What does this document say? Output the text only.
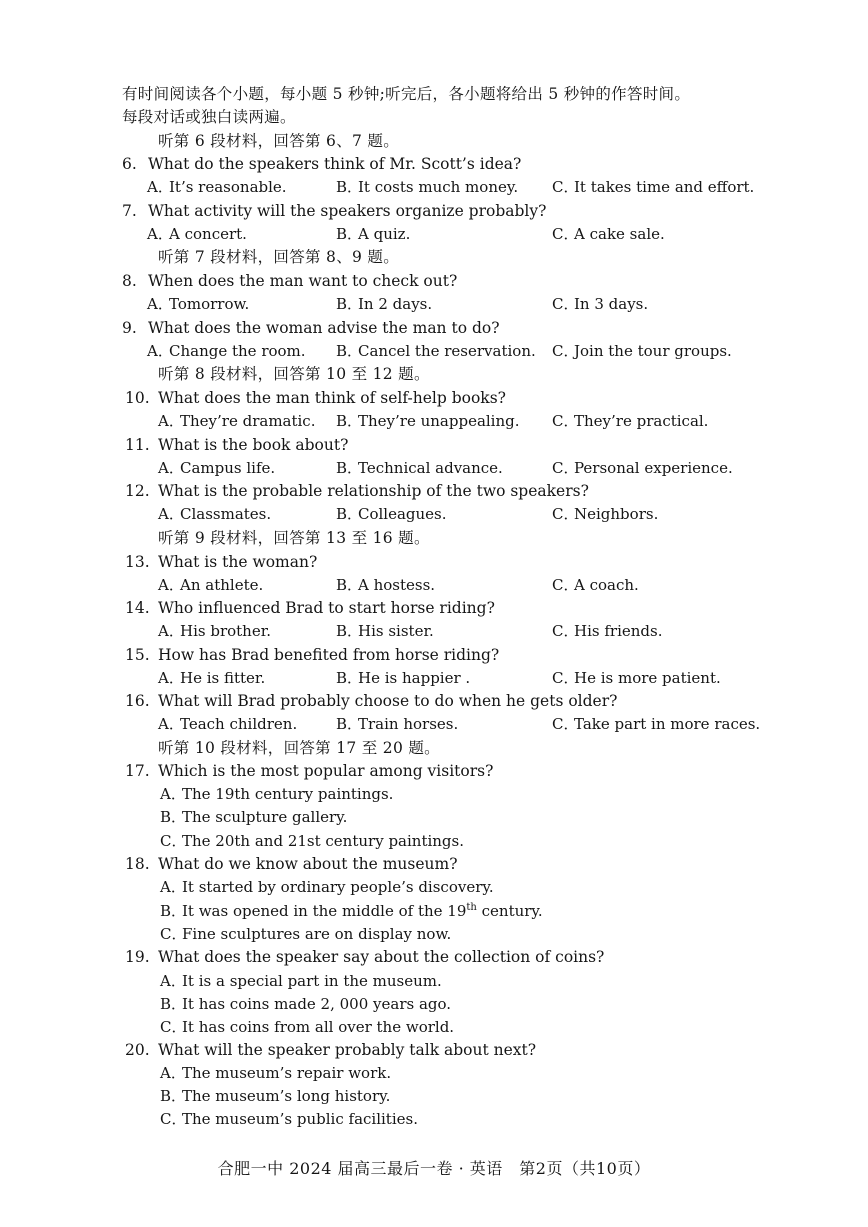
有时间阅读各个小题，每小题 5 秒钟;听完后，各小题将给出 5 秒钟的作答时间。
每段对话或独白读两遍。
听第 6 段材料，回答第 6、7 题。
6. What do the speakers think of Mr. Scott’s idea?
A．It’s reasonable.	B．It costs much money. C．It takes time and effort.
7. What activity will the speakers organize probably?
A．A concert.	B．A quiz.	C．A cake sale.
听第 7 段材料，回答第 8、9 题。
8. When does the man want to check out?
A．Tomorrow.	B．In 2 days.	C．In 3 days.
9. What does the woman advise the man to do?
A．Change the room. B．Cancel the reservation. C．Join the tour groups.
听第 8 段材料，回答第 10 至 12 题。
10. What does the man think of self-help books?
A．They’re dramatic. B．They’re unappealing. C．They’re practical.
11. What is the book about?
A．Campus life.	B．Technical advance.	C．Personal experience.
12. What is the probable relationship of the two speakers?
A．Classmates.	B．Colleagues.	C．Neighbors.
听第 9 段材料，回答第 13 至 16 题。
13. What is the woman?
A．An athlete.	B．A hostess.	C．A coach.
14. Who influenced Brad to start horse riding?
A．His brother.	B．His sister.	C．His friends.
15. How has Brad benefited from horse riding?
A．He is fitter.	B．He is happier .	C．He is more patient.
16. What will Brad probably choose to do when he gets older?
A．Teach children.	B．Train horses.	C．Take part in more races.
听第 10 段材料，回答第 17 至 20 题。
17. Which is the most popular among visitors?
A．The 19th century paintings.
B．The sculpture gallery.
C．The 20th and 21st century paintings.
18. What do we know about the museum?
A．It started by ordinary people’s discovery.
B．It was opened in the middle of the 19th century.
C．Fine sculptures are on display now.
19. What does the speaker say about the collection of coins?
A．It is a special part in the museum.
B．It has coins made 2, 000 years ago.
C．It has coins from all over the world.
20. What will the speaker probably talk about next?
A．The museum’s repair work.
B．The museum’s long history.
C．The museum’s public facilities.
合肥一中 2024 届高三最后一卷 · 英语　第2页（共10页）
